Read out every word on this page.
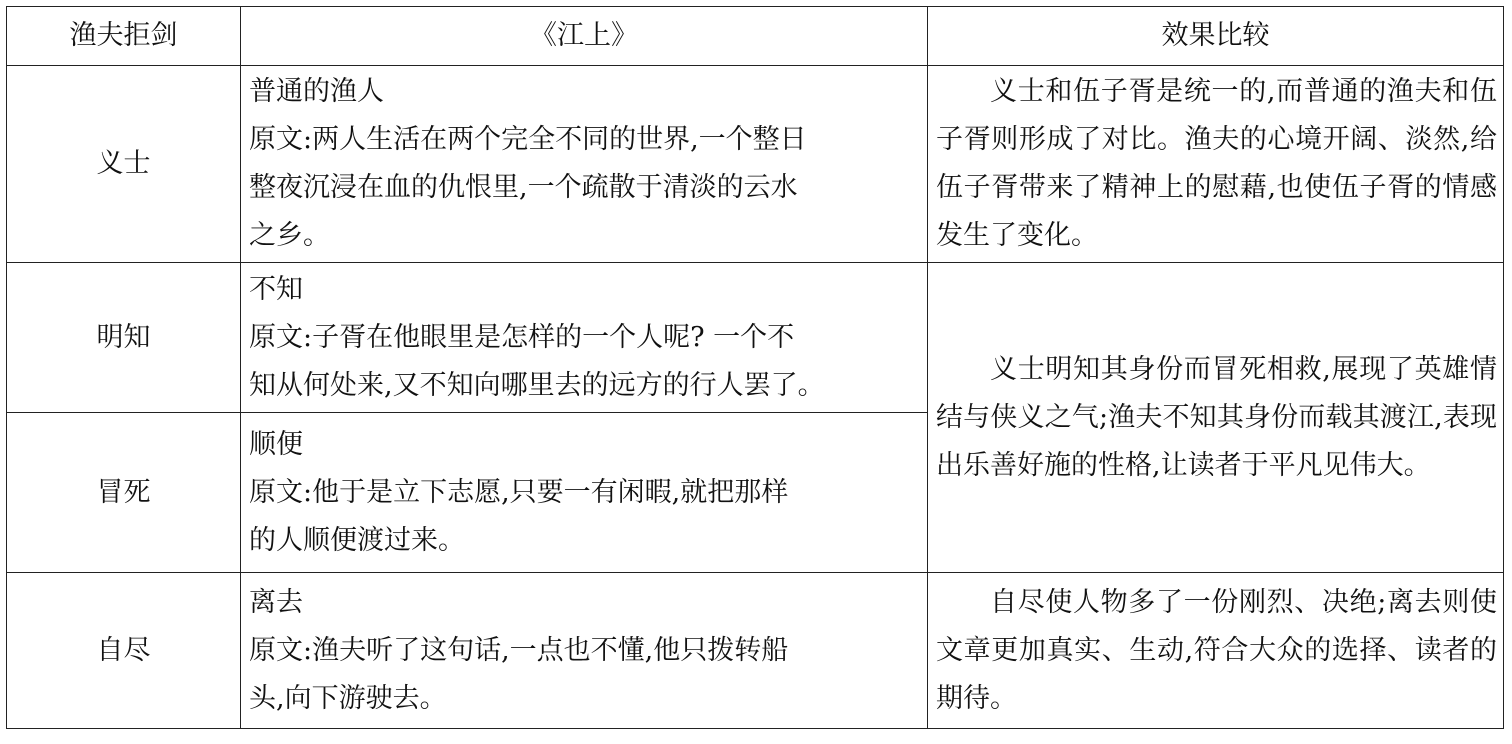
渔夫拒剑	《江上》	效果比较
义士	普通的渔人
原文:两人生活在两个完全不同的世界,一个整日
整夜沉浸在血的仇恨里,一个疏散于清淡的云水
之乡。	义士和伍子胥是统一的,而普通的渔夫和伍子胥则形成了对比。渔夫的心境开阔、淡然,给伍子胥带来了精神上的慰藉,也使伍子胥的情感发生了变化。

明知	不知
原文:子胥在他眼里是怎样的一个人呢? 一个不
知从何处来,又不知向哪里去的远方的行人罢了。	义士明知其身份而冒死相救,展现了英雄情结与侠义之气;渔夫不知其身份而载其渡江,表现出乐善好施的性格,让读者于平凡见伟大。

冒死	顺便
原文:他于是立下志愿,只要一有闲暇,就把那样
的人顺便渡过来。	

自尽	离去
原文:渔夫听了这句话,一点也不懂,他只拨转船
头,向下游驶去。	自尽使人物多了一份刚烈、决绝;离去则使文章更加真实、生动,符合大众的选择、读者的期待。
